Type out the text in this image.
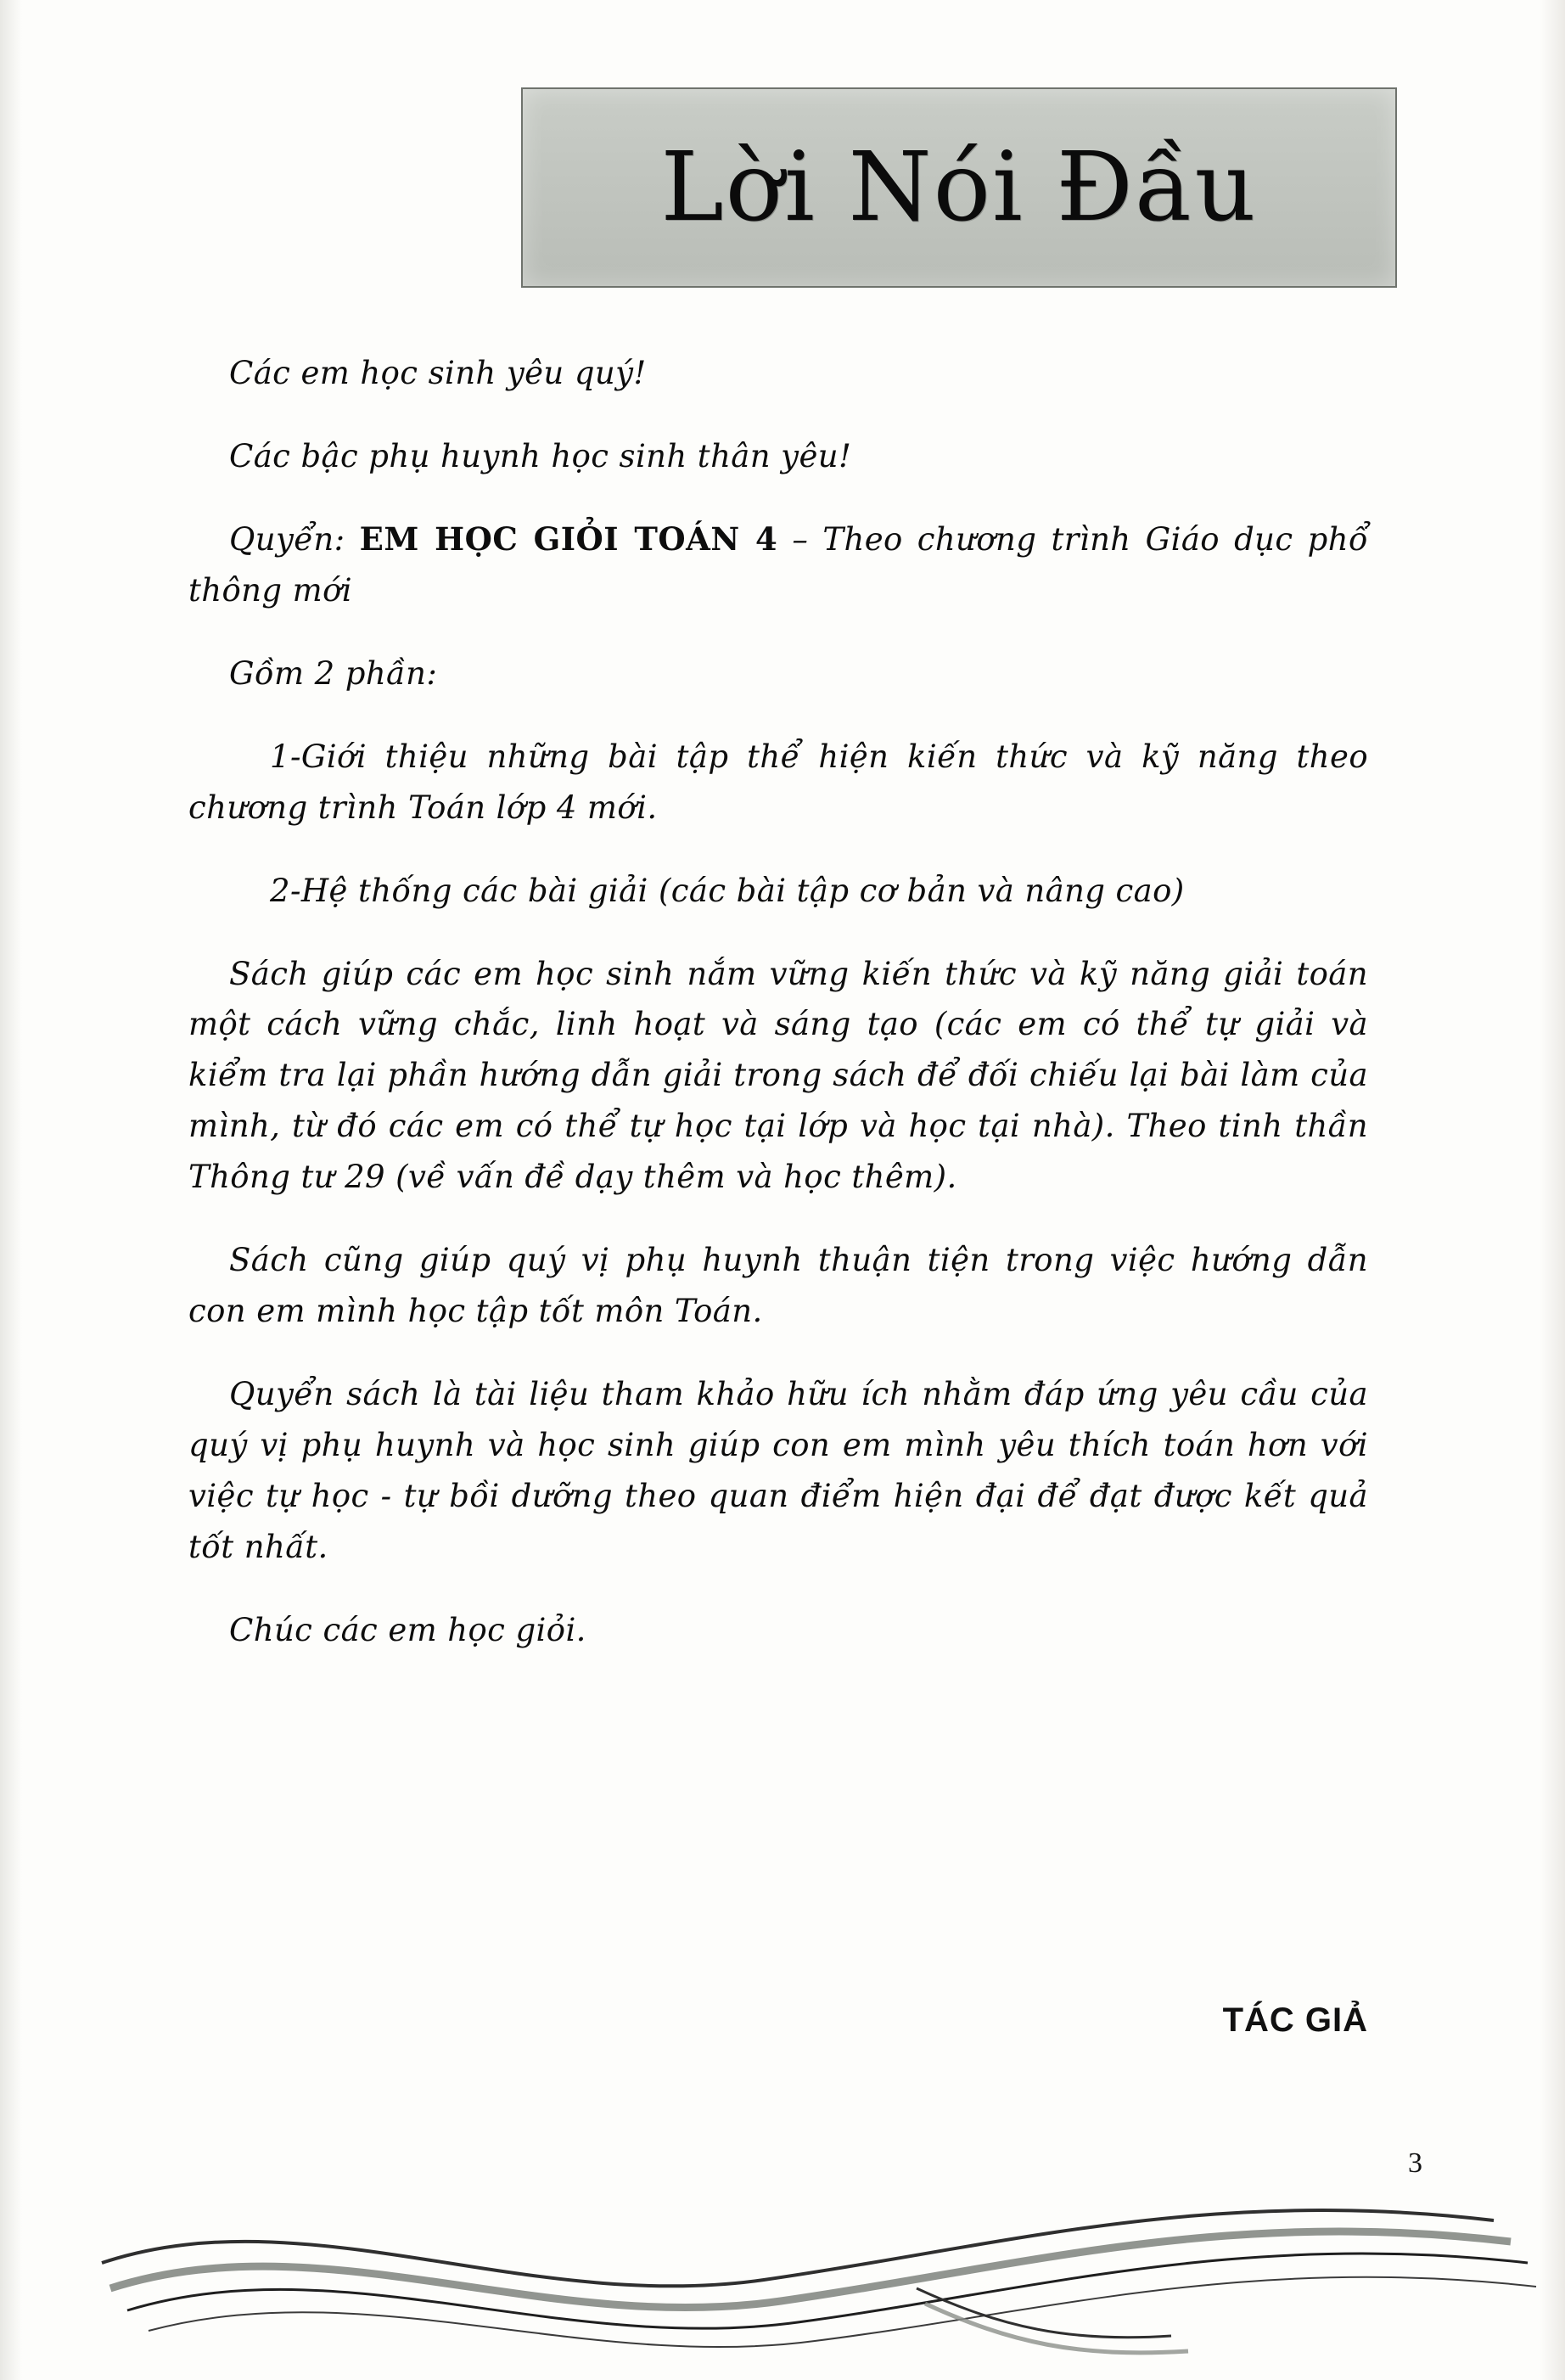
Lời Nói Đầu

Các em học sinh yêu quý!

Các bậc phụ huynh học sinh thân yêu!

Quyển: EM HỌC GIỎI TOÁN 4 – Theo chương trình Giáo dục phổ thông mới

Gồm 2 phần:

1-Giới thiệu những bài tập thể hiện kiến thức và kỹ năng theo chương trình Toán lớp 4 mới.

2-Hệ thống các bài giải (các bài tập cơ bản và nâng cao)

Sách giúp các em học sinh nắm vững kiến thức và kỹ năng giải toán một cách vững chắc, linh hoạt và sáng tạo (các em có thể tự giải và kiểm tra lại phần hướng dẫn giải trong sách để đối chiếu lại bài làm của mình, từ đó các em có thể tự học tại lớp và học tại nhà). Theo tinh thần Thông tư 29 (về vấn đề dạy thêm và học thêm).

Sách cũng giúp quý vị phụ huynh thuận tiện trong việc hướng dẫn con em mình học tập tốt môn Toán.

Quyển sách là tài liệu tham khảo hữu ích nhằm đáp ứng yêu cầu của quý vị phụ huynh và học sinh giúp con em mình yêu thích toán hơn với việc tự học - tự bồi dưỡng theo quan điểm hiện đại để đạt được kết quả tốt nhất.

Chúc các em học giỏi.

TÁC GIẢ
3
